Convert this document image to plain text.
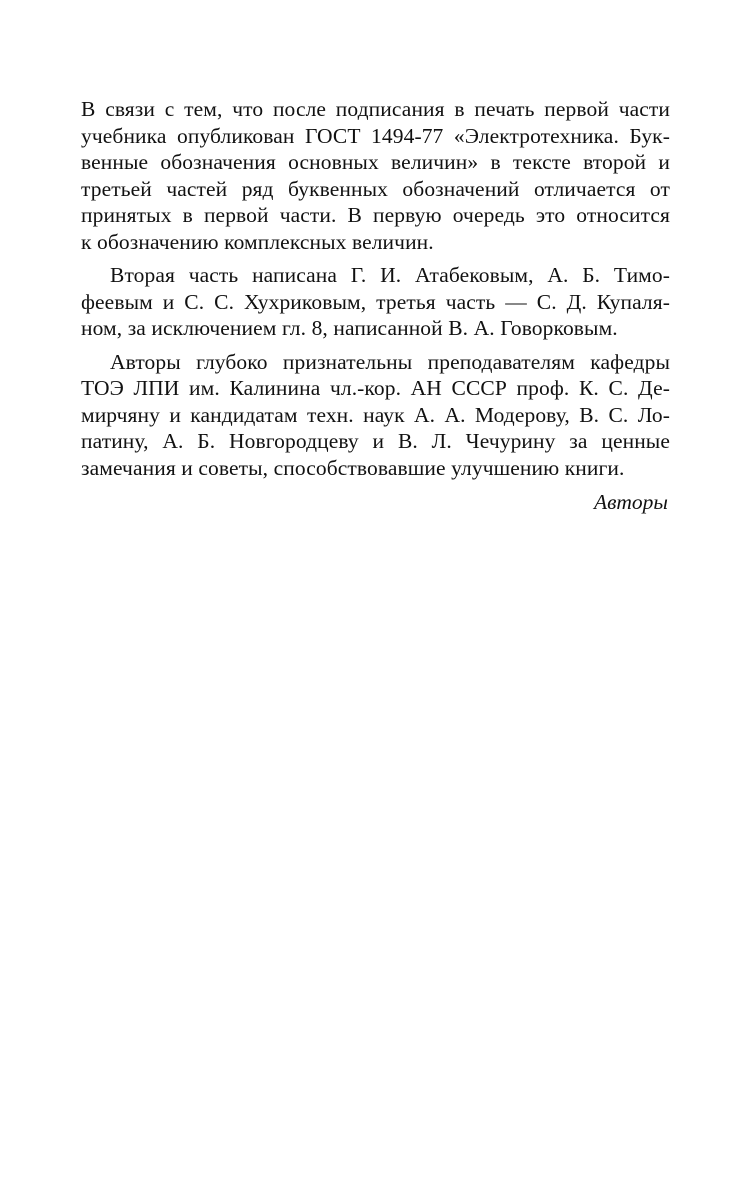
В связи с тем, что после подписания в печать первой части
учебника опубликован ГОСТ 1494-77 «Электротехника. Бук-
венные обозначения основных величин» в тексте второй и
третьей частей ряд буквенных обозначений отличается от
принятых в первой части. В первую очередь это относится
к обозначению комплексных величин.
Вторая часть написана Г. И. Атабековым, А. Б. Тимо-
феевым и С. С. Хухриковым, третья часть — С. Д. Купаля-
ном, за исключением гл. 8, написанной В. А. Говорковым.
Авторы глубоко признательны преподавателям кафедры
ТОЭ ЛПИ им. Калинина чл.-кор. АН СССР проф. К. С. Де-
мирчяну и кандидатам техн. наук А. А. Модерову, В. С. Ло-
патину, А. Б. Новгородцеву и В. Л. Чечурину за ценные
замечания и советы, способствовавшие улучшению книги.
Авторы
